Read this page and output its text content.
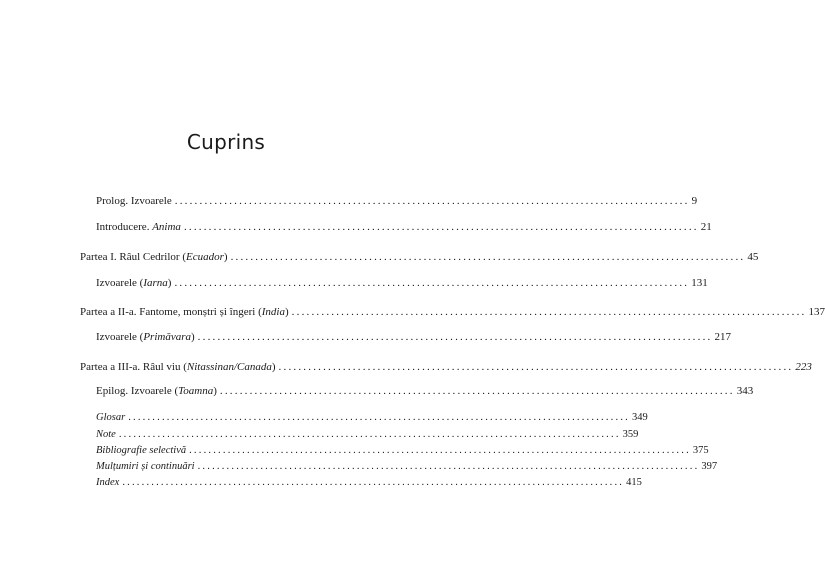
Cuprins
Prolog. Izvoarele ........................................................................................................ 9
Introducere. Anima ........................................................................................................ 21
Partea I. Râul Cedrilor (Ecuador) ........................................................................................................ 45
Izvoarele (Iarna) ........................................................................................................ 131
Partea a II-a. Fantome, monștri și îngeri (India) ........................................................................................................ 137
Izvoarele (Primăvara) ........................................................................................................ 217
Partea a III-a. Râul viu (Nitassinan/Canada) ........................................................................................................ 223
Epilog. Izvoarele (Toamna) ........................................................................................................ 343
Glosar ........................................................................................................ 349
Note ........................................................................................................ 359
Bibliografie selectivă ........................................................................................................ 375
Mulțumiri și continuări ........................................................................................................ 397
Index ........................................................................................................ 415
